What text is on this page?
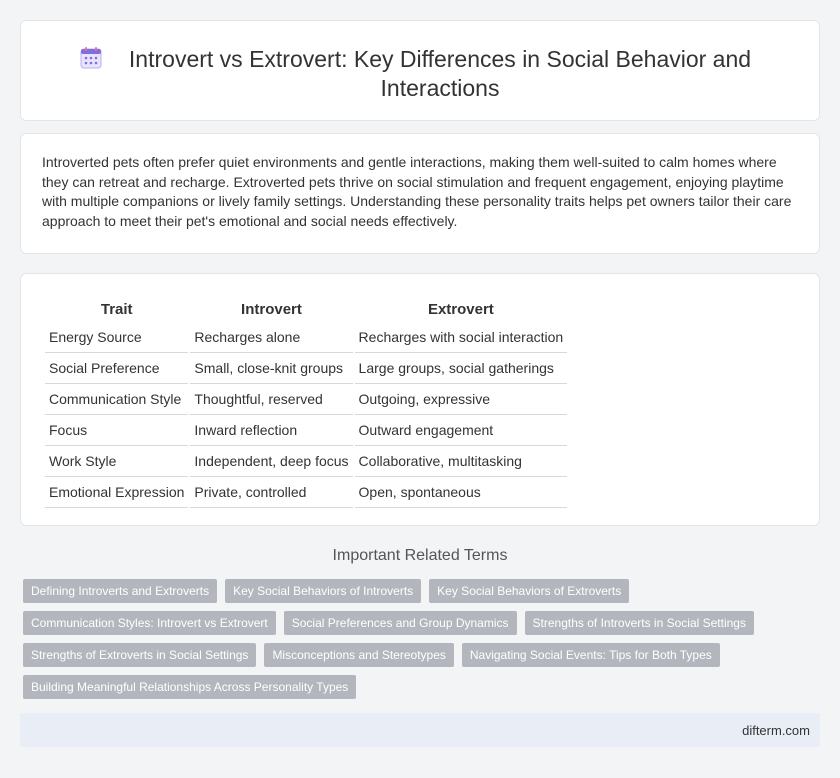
Introvert vs Extrovert: Key Differences in Social Behavior and Interactions

Introverted pets often prefer quiet environments and gentle interactions, making them well-suited to calm homes where they can retreat and recharge. Extroverted pets thrive on social stimulation and frequent engagement, enjoying playtime with multiple companions or lively family settings. Understanding these personality traits helps pet owners tailor their care approach to meet their pet's emotional and social needs effectively.

Trait	Introvert	Extrovert
Energy Source	Recharges alone	Recharges with social interaction
Social Preference	Small, close-knit groups	Large groups, social gatherings
Communication Style	Thoughtful, reserved	Outgoing, expressive
Focus	Inward reflection	Outward engagement
Work Style	Independent, deep focus	Collaborative, multitasking
Emotional Expression	Private, controlled	Open, spontaneous
Important Related Terms
Defining Introverts and Extroverts	Key Social Behaviors of Introverts	Key Social Behaviors of Extroverts
Communication Styles: Introvert vs Extrovert	Social Preferences and Group Dynamics	Strengths of Introverts in Social Settings
Strengths of Extroverts in Social Settings	Misconceptions and Stereotypes	Navigating Social Events: Tips for Both Types
Building Meaningful Relationships Across Personality Types
difterm.com
